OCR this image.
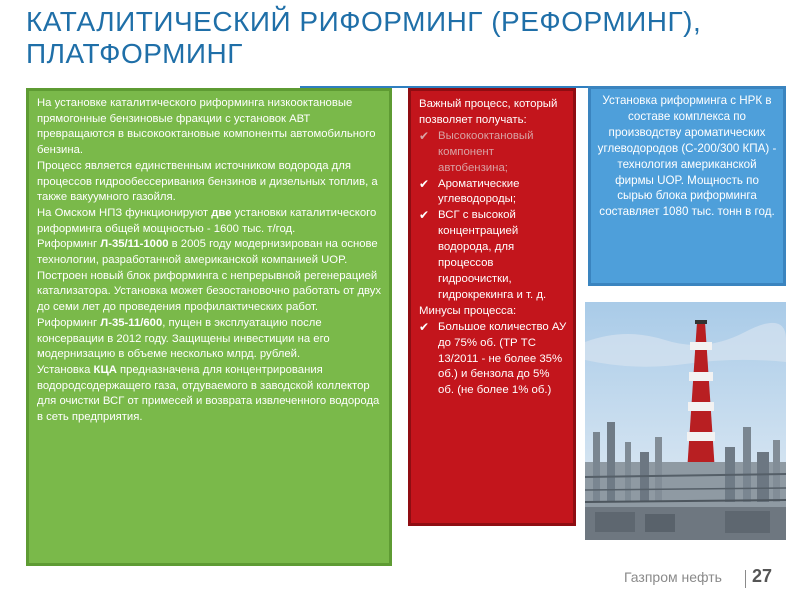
КАТАЛИТИЧЕСКИЙ РИФОРМИНГ (РЕФОРМИНГ),
ПЛАТФОРМИНГ

На установке каталитического риформинга низкооктановые прямогонные бензиновые фракции с установок АВТ превращаются в высокооктановые компоненты автомобильного бензина.

Процесс является единственным источником водорода для процессов гидрообессеривания бензинов и дизельных топлив, а также вакуумного газойля.

На Омском НПЗ функционируют две установки каталитического риформинга общей мощностью - 1600 тыс. т/год.

Риформинг Л-35/11-1000 в 2005 году модернизирован на основе технологии, разработанной американской компанией UOP. Построен новый блок риформинга с непрерывной регенерацией катализатора. Установка может безостановочно работать от двух до семи лет до проведения профилактических работ.

Риформинг Л-35-11/600, пущен в эксплуатацию после консервации в 2012 году. Защищены инвестиции на его модернизацию в объеме несколько млрд. рублей.

Установка КЦА предназначена для концентрирования водородсодержащего газа, отдуваемого в заводской коллектор для очистки ВСГ от примесей и возврата извлеченного водорода в сеть предприятия.

Важный процесс, который позволяет получать:

✔ Высокооктановый компонент автобензина;
✔ Ароматические углеводороды;
✔ ВСГ с высокой концентрацией водорода, для процессов гидроочистки, гидрокрекинга и т. д.

Минусы процесса:

✔ Большое количество АУ до 75% об. (ТР ТС 13/2011 - не более 35% об.) и бензола до 5% об. (не более 1% об.)
Установка риформинга с НРК в составе комплекса по производству ароматических углеводородов (С-200/300 КПА) - технология американской фирмы UOP. Мощность по сырью блока риформинга составляет 1080 тыс. тонн в год.
Газпром нефть 27
